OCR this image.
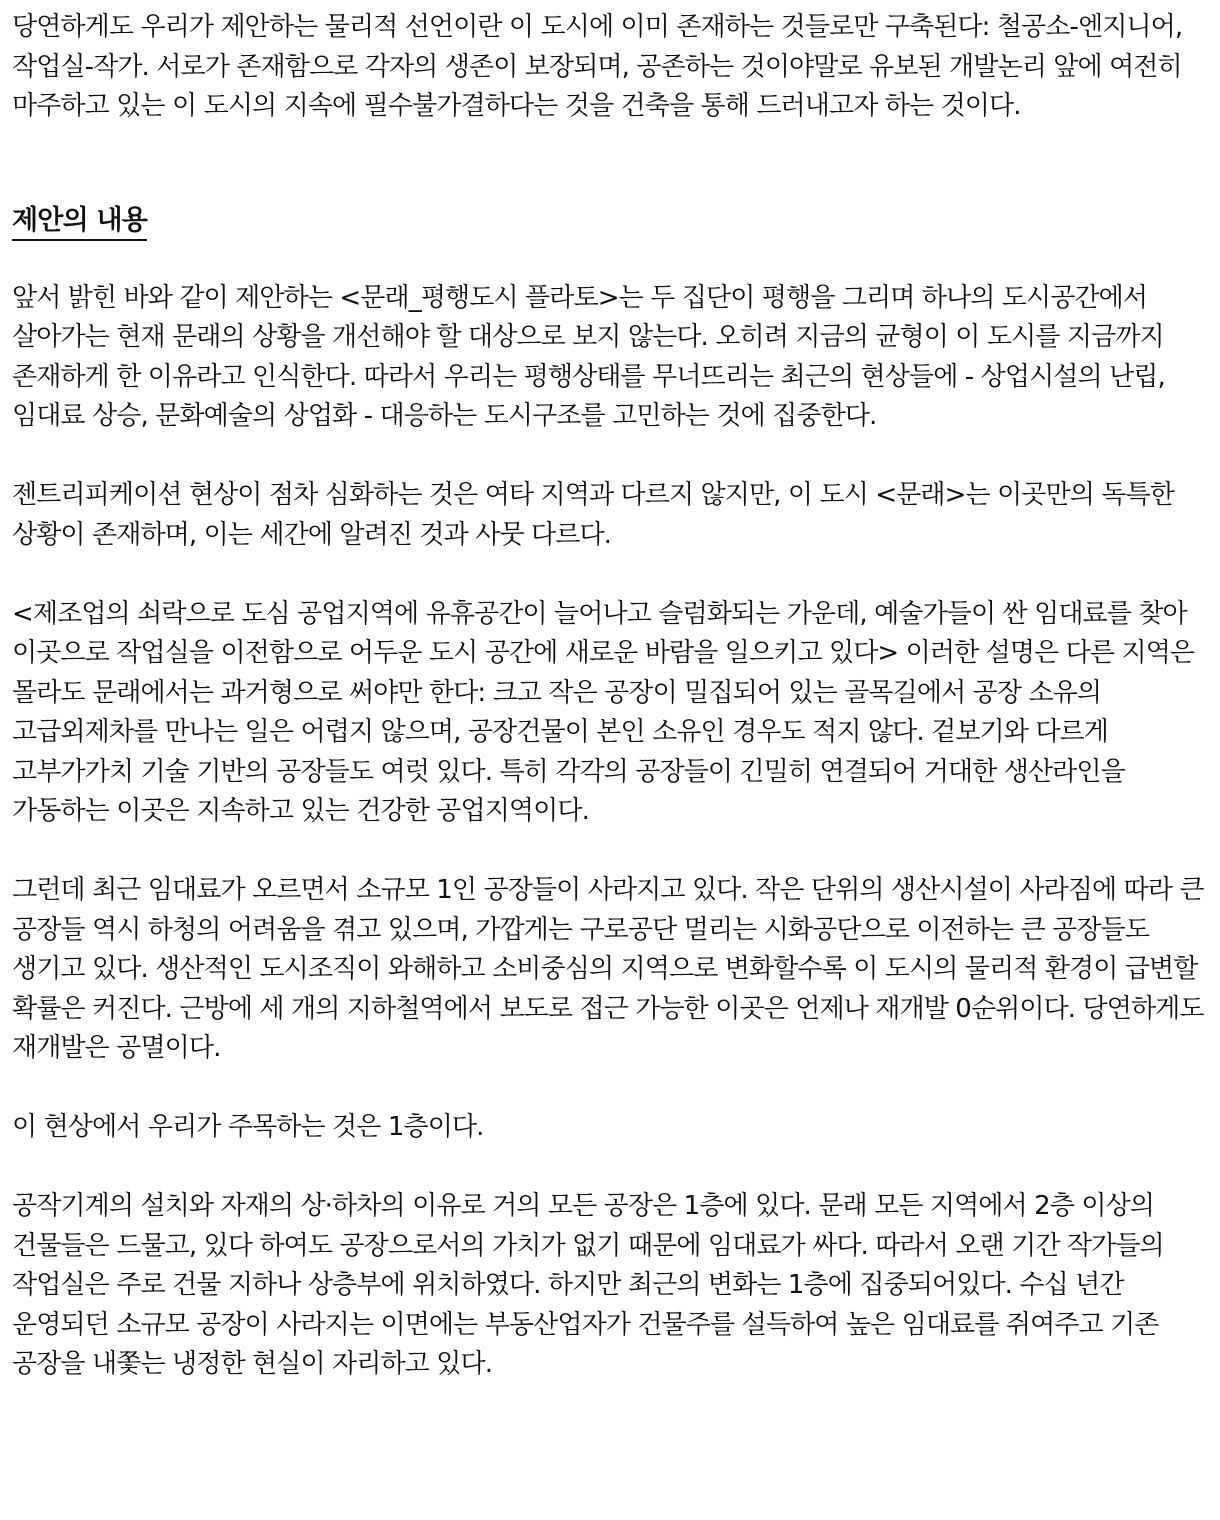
당연하게도 우리가 제안하는 물리적 선언이란 이 도시에 이미 존재하는 것들로만 구축된다: 철공소-엔지니어, 작업실-작가. 서로가 존재함으로 각자의 생존이 보장되며, 공존하는 것이야말로 유보된 개발논리 앞에 여전히 마주하고 있는 이 도시의 지속에 필수불가결하다는 것을 건축을 통해 드러내고자 하는 것이다.

제안의 내용

앞서 밝힌 바와 같이 제안하는 <문래_평행도시 플라토>는 두 집단이 평행을 그리며 하나의 도시공간에서 살아가는 현재 문래의 상황을 개선해야 할 대상으로 보지 않는다. 오히려 지금의 균형이 이 도시를 지금까지 존재하게 한 이유라고 인식한다. 따라서 우리는 평행상태를 무너뜨리는 최근의 현상들에 - 상업시설의 난립, 임대료 상승, 문화예술의 상업화 - 대응하는 도시구조를 고민하는 것에 집중한다.

젠트리피케이션 현상이 점차 심화하는 것은 여타 지역과 다르지 않지만, 이 도시 <문래>는 이곳만의 독특한 상황이 존재하며, 이는 세간에 알려진 것과 사뭇 다르다.

<제조업의 쇠락으로 도심 공업지역에 유휴공간이 늘어나고 슬럼화되는 가운데, 예술가들이 싼 임대료를 찾아 이곳으로 작업실을 이전함으로 어두운 도시 공간에 새로운 바람을 일으키고 있다> 이러한 설명은 다른 지역은 몰라도 문래에서는 과거형으로 써야만 한다: 크고 작은 공장이 밀집되어 있는 골목길에서 공장 소유의 고급외제차를 만나는 일은 어렵지 않으며, 공장건물이 본인 소유인 경우도 적지 않다. 겉보기와 다르게 고부가가치 기술 기반의 공장들도 여럿 있다. 특히 각각의 공장들이 긴밀히 연결되어 거대한 생산라인을 가동하는 이곳은 지속하고 있는 건강한 공업지역이다.

그런데 최근 임대료가 오르면서 소규모 1인 공장들이 사라지고 있다. 작은 단위의 생산시설이 사라짐에 따라 큰 공장들 역시 하청의 어려움을 겪고 있으며, 가깝게는 구로공단 멀리는 시화공단으로 이전하는 큰 공장들도 생기고 있다. 생산적인 도시조직이 와해하고 소비중심의 지역으로 변화할수록 이 도시의 물리적 환경이 급변할 확률은 커진다. 근방에 세 개의 지하철역에서 보도로 접근 가능한 이곳은 언제나 재개발 0순위이다. 당연하게도 재개발은 공멸이다.

이 현상에서 우리가 주목하는 것은 1층이다.

공작기계의 설치와 자재의 상·하차의 이유로 거의 모든 공장은 1층에 있다. 문래 모든 지역에서 2층 이상의 건물들은 드물고, 있다 하여도 공장으로서의 가치가 없기 때문에 임대료가 싸다. 따라서 오랜 기간 작가들의 작업실은 주로 건물 지하나 상층부에 위치하였다. 하지만 최근의 변화는 1층에 집중되어있다. 수십 년간 운영되던 소규모 공장이 사라지는 이면에는 부동산업자가 건물주를 설득하여 높은 임대료를 쥐여주고 기존 공장을 내쫓는 냉정한 현실이 자리하고 있다.
